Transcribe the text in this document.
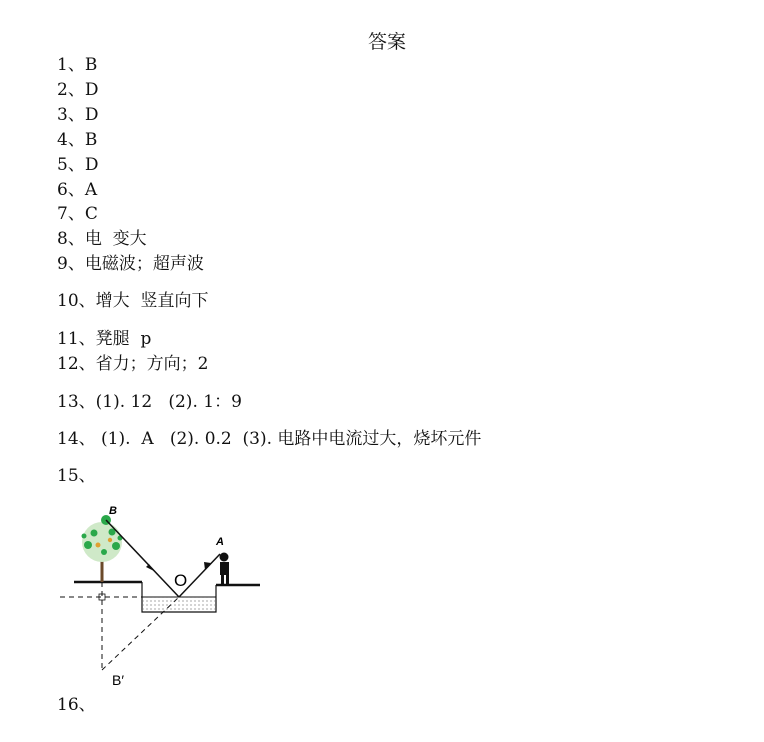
答案
1、B
2、D
3、D
4、B
5、D
6、A
7、C
8、电  变大
9、电磁波；超声波
10、增大  竖直向下
11、凳腿  p
12、省力；方向；2
13、(1). 12   (2). 1：9
14、 (1).  A   (2). 0.2  (3). 电路中电流过大，烧坏元件
15、
16、
B
A
O
B′
